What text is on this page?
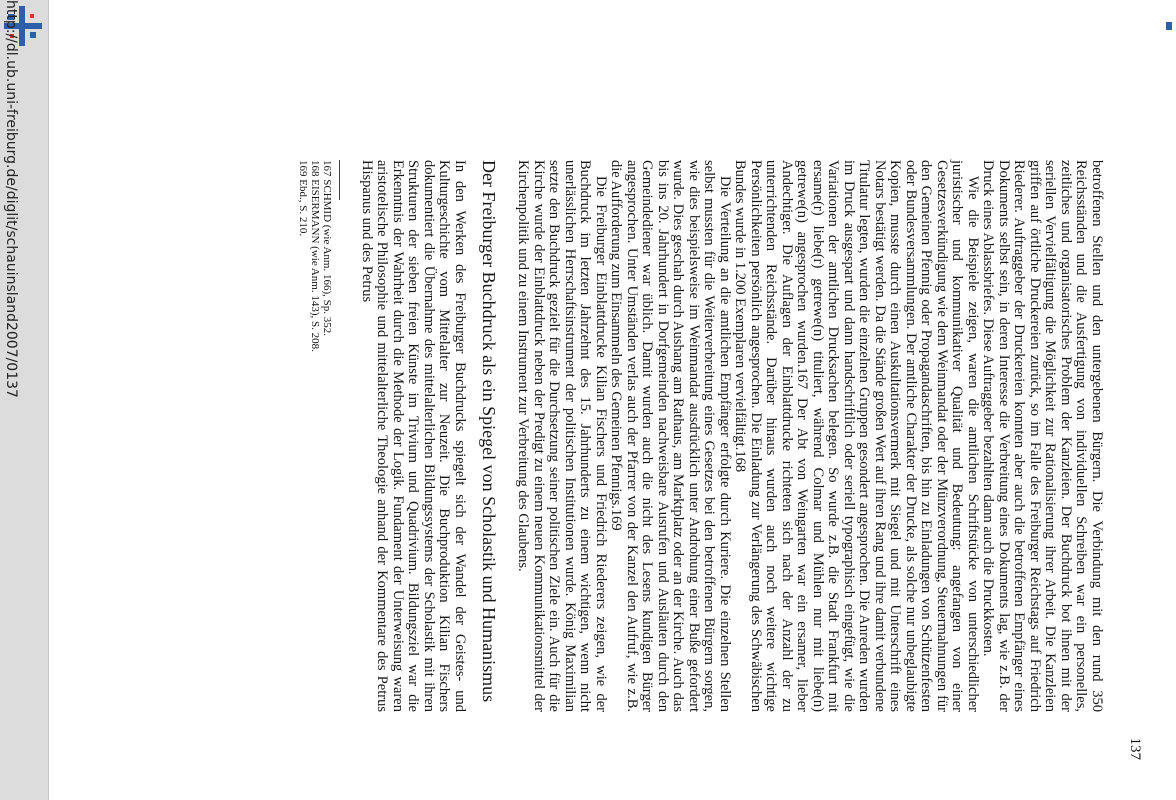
http://dl.ub.uni-freiburg.de/diglit/schauinsland2007/0137
137

betroffenen Stellen und den untergebenen Bürgern. Die Verbindung mit den rund 350 Reichsständen und die Ausfertigung von individuellen Schreiben war ein personelles, zeitliches und organisatorisches Problem der Kanzleien. Der Buchdruck bot ihnen mit der seriellen Vervielfältigung die Möglichkeit zur Rationalisierung ihrer Arbeit. Die Kanzleien griffen auf örtliche Druckereien zurück, so im Falle des Freiburger Reichstags auf Friedrich Riederer. Auftraggeber der Druckereien konnten aber auch die betroffenen Empfänger eines Dokuments selbst sein, in deren Interesse die Verbreitung eines Dokuments lag, wie z.B. der Druck eines Ablassbriefes. Diese Auftraggeber bezahlten dann auch die Druckkosten.

Wie die Beispiele zeigen, waren die amtlichen Schriftstücke von unterschiedlicher juristischer und kommunikativer Qualität und Bedeutung: angefangen von einer Gesetzesverkündigung wie dem Weinmandat oder der Münzverordnung, Steuermahnungen für den Gemeinen Pfennig oder Propagandaschriften, bis hin zu Einladungen von Schützenfesten oder Bundesversammlungen. Der amtliche Charakter der Drucke, als solche nur unbeglaubigte Kopien, musste durch einen Auskultationsvermerk mit Siegel und mit Unterschrift eines Notars bestätigt werden. Da die Stände großen Wert auf ihren Rang und ihre damit verbundene Titulatur legten, wurden die einzelnen Gruppen gesondert angesprochen. Die Anreden wurden im Druck ausgespart und dann handschriftlich oder seriell typographisch eingefügt, wie die Variationen der amtlichen Drucksachen belegen. So wurde z.B. die Stadt Frankfurt mit ersame(r) liebe(r) getrewe(n) tituliert, während Colmar und Mühlen nur mit liebe(n) getrewe(n) angesprochen wurden.167 Der Abt von Weingarten war ein ersamer, lieber Andechtiger. Die Auflagen der Einblattdrucke richteten sich nach der Anzahl der zu unterrichtenden Reichsstände. Darüber hinaus wurden auch noch weitere wichtige Persönlichkeiten persönlich angesprochen. Die Einladung zur Verlängerung des Schwäbischen Bundes wurde in 1.200 Exemplaren vervielfältigt.168

Die Verteilung an die amtlichen Empfänger erfolgte durch Kuriere. Die einzelnen Stellen selbst mussten für die Weiterverbreitung eines Gesetzes bei den betroffenen Bürgern sorgen, wie dies beispielsweise im Weinmandat ausdrücklich unter Androhung einer Buße gefordert wurde. Dies geschah durch Aushang am Rathaus, am Marktplatz oder an der Kirche. Auch das bis ins 20. Jahrhundert in Dorfgemeinden nachweisbare Ausrufen und Ausläuten durch den Gemeindediener war üblich. Damit wurden auch die nicht des Lesens kundigen Bürger angesprochen. Unter Umständen verlas auch der Pfarrer von der Kanzel den Aufruf, wie z.B. die Aufforderung zum Einsammeln des Gemeinen Pfennigs.169

Die Freiburger Einblattdrucke Kilian Fischers und Friedrich Riederers zeigen, wie der Buchdruck im letzten Jahrzehnt des 15. Jahrhunderts zu einem wichtigen, wenn nicht unerlässlichen Herrschaftsinstrument der politischen Institutionen wurde. König Maximilian setzte den Buchdruck gezielt für die Durchsetzung seiner politischen Ziele ein. Auch für die Kirche wurde der Einblattdruck neben der Predigt zu einem neuen Kommunikationsmittel der Kirchenpolitik und zu einem Instrument zur Verbreitung des Glaubens.

Der Freiburger Buchdruck als ein Spiegel von Scholastik und Humanismus

In den Werken des Freiburger Buchdrucks spiegelt sich der Wandel der Geistes- und Kulturgeschichte vom Mittelalter zur Neuzeit. Die Buchproduktion Kilian Fischers dokumentiert die Übernahme des mittelalterlichen Bildungssystems der Scholastik mit ihren Strukturen der sieben freien Künste im Trivium und Quadrivium. Bildungsziel war die Erkenntnis der Wahrheit durch die Methode der Logik. Fundament der Unterweisung waren aristotelische Philosophie und mittelalterliche Theologie anhand der Kommentare des Petrus Hispanus und des Petrus

167 SCHMID (wie Anm. 166), Sp. 352.
168 EISERMANN (wie Anm. 143), S. 208.
169 Ebd., S. 210.
